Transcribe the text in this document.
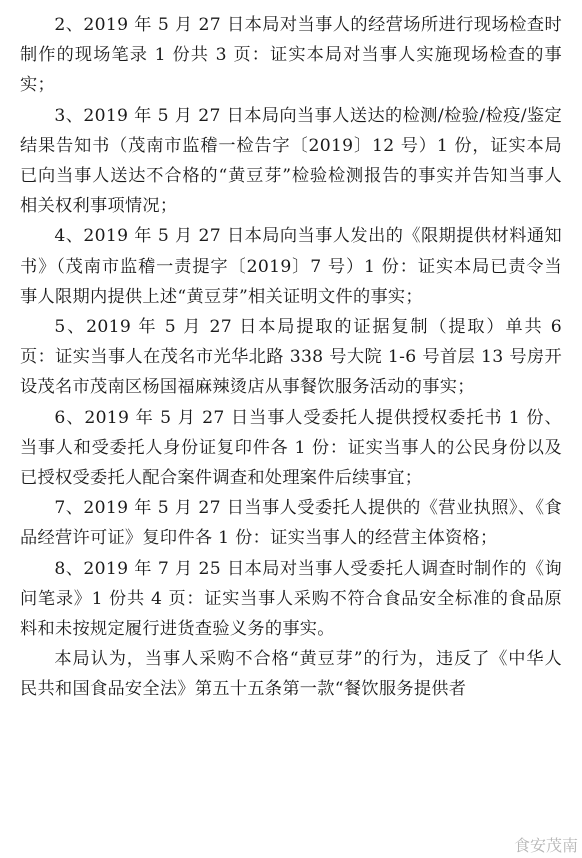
2、2019 年 5 月 27 日本局对当事人的经营场所进行现场检查时制作的现场笔录 1 份共 3 页：证实本局对当事人实施现场检查的事实；

3、2019 年 5 月 27 日本局向当事人送达的检测/检验/检疫/鉴定结果告知书（茂南市监稽一检告字〔2019〕12 号）1 份，证实本局已向当事人送达不合格的“黄豆芽”检验检测报告的事实并告知当事人相关权利事项情况；

4、2019 年 5 月 27 日本局向当事人发出的《限期提供材料通知书》（茂南市监稽一责提字〔2019〕7 号）1 份：证实本局已责令当事人限期内提供上述“黄豆芽”相关证明文件的事实；

5、2019 年 5 月 27 日本局提取的证据复制（提取）单共 6 页：证实当事人在茂名市光华北路 338 号大院 1-6 号首层 13 号房开设茂名市茂南区杨国福麻辣烫店从事餐饮服务活动的事实；

6、2019 年 5 月 27 日当事人受委托人提供授权委托书 1 份、当事人和受委托人身份证复印件各 1 份：证实当事人的公民身份以及已授权受委托人配合案件调查和处理案件后续事宜；

7、2019 年 5 月 27 日当事人受委托人提供的《营业执照》、《食品经营许可证》复印件各 1 份：证实当事人的经营主体资格；

8、2019 年 7 月 25 日本局对当事人受委托人调查时制作的《询问笔录》1 份共 4 页：证实当事人采购不符合食品安全标准的食品原料和未按规定履行进货查验义务的事实。

本局认为，当事人采购不合格“黄豆芽”的行为，违反了《中华人民共和国食品安全法》第五十五条第一款“餐饮服务提供者

食安茂南
